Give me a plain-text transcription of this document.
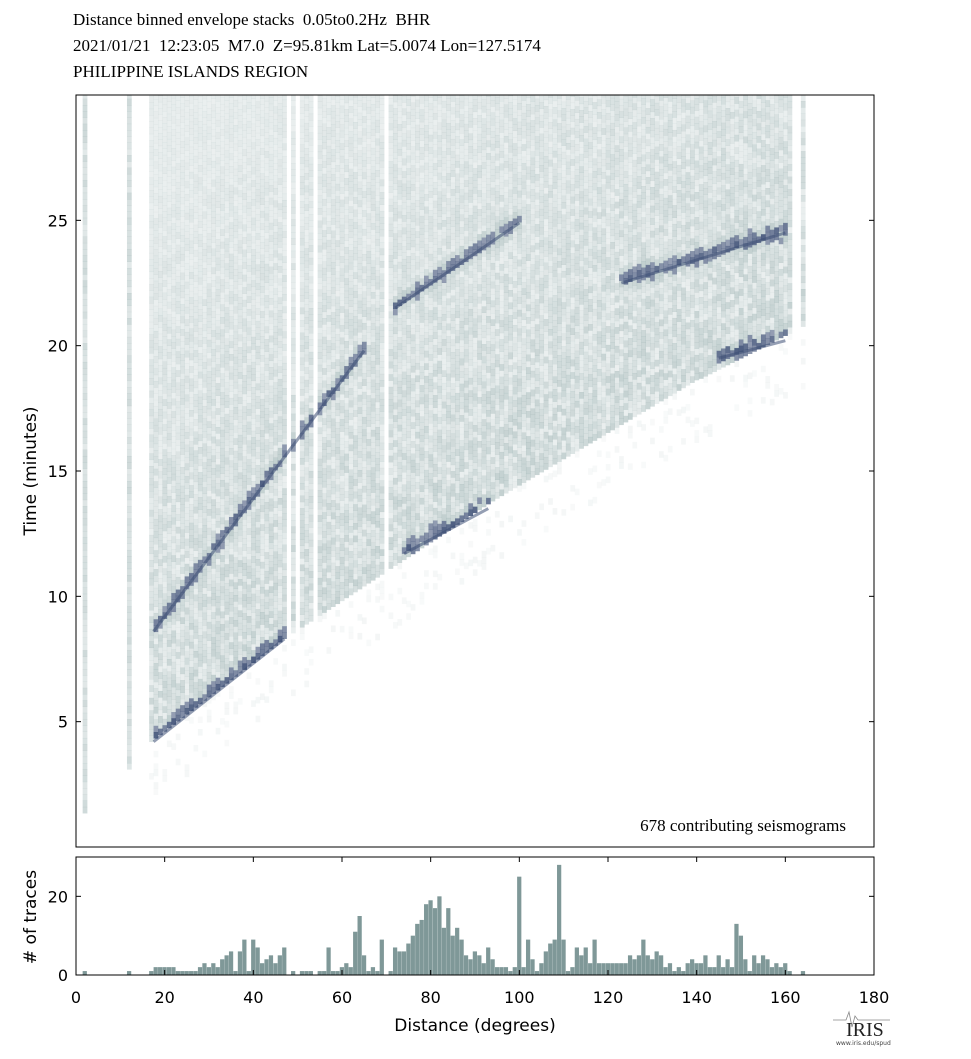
Distance binned envelope stacks  0.05to0.2Hz  BHR
2021/01/21  12:23:05  M7.0  Z=95.81km Lat=5.0074 Lon=127.5174
PHILIPPINE ISLANDS REGION
5
10
15
20
25
Time (minutes)
678 contributing seismograms
0
20
0	20	40	60	80	100	120	140	160	180
# of traces
Distance (degrees)	IRIS
www.iris.edu/spud
